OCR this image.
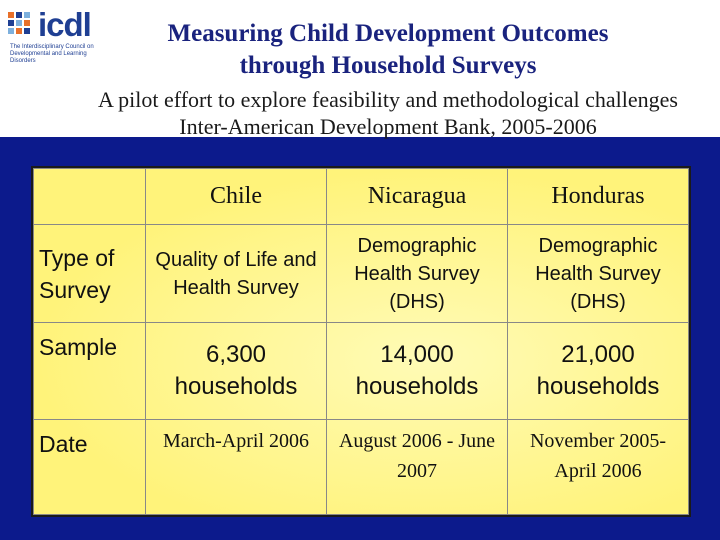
icdl
The Interdisciplinary Council on Developmental and Learning Disorders
Measuring Child Development Outcomes
through Household Surveys
A pilot effort to explore feasibility and methodological challenges
Inter-American Development Bank, 2005-2006
	Chile	Nicaragua	Honduras
Type of Survey	Quality of Life and Health Survey	Demographic Health Survey (DHS)	Demographic Health Survey (DHS)
Sample	6,300 households	14,000 households	21,000 households
Date	March-April 2006	August 2006 - June 2007	November 2005- April 2006
